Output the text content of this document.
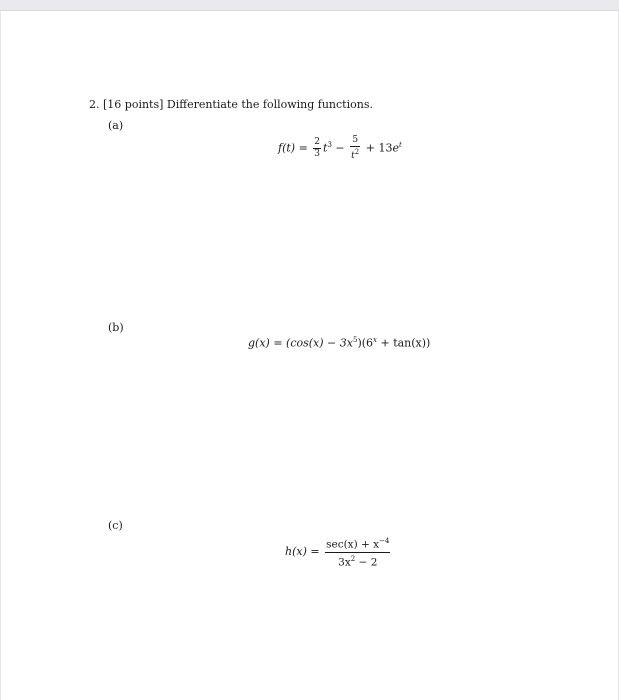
2. [16 points] Differentiate the following functions.
(a)
$f(t) = \frac{2}{3} t^3 - \frac{5}{t^2} + 13e^t$
(b)
$g(x) = (\cos(x) - 3x^5)(6^x + \tan(x))$
(c)
$h(x) = \frac{\sec(x) + x^{-4}}{3x^2 - 2}$
